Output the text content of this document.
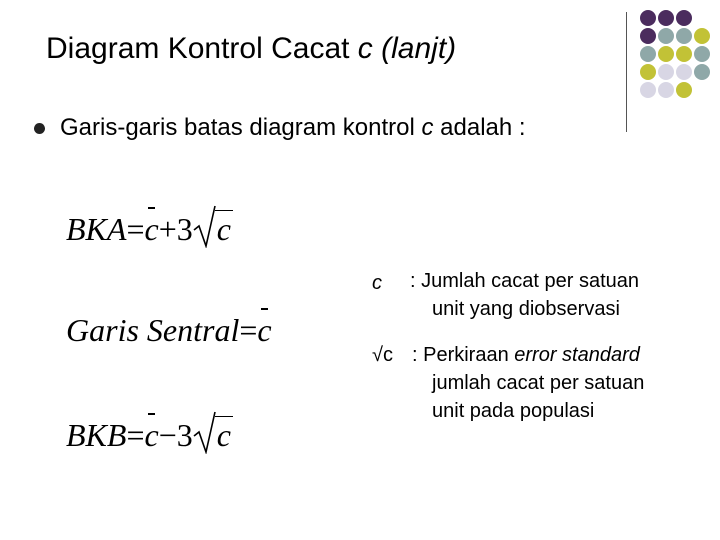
Diagram Kontrol Cacat c (lanjt)
Garis-garis batas diagram kontrol c adalah :
BKA=c+3 c
Garis Sentral=c
BKB=c−3 c
c : Jumlah cacat per satuan
unit yang diobservasi
√c : Perkiraan error standard
jumlah cacat per satuan
unit pada populasi
